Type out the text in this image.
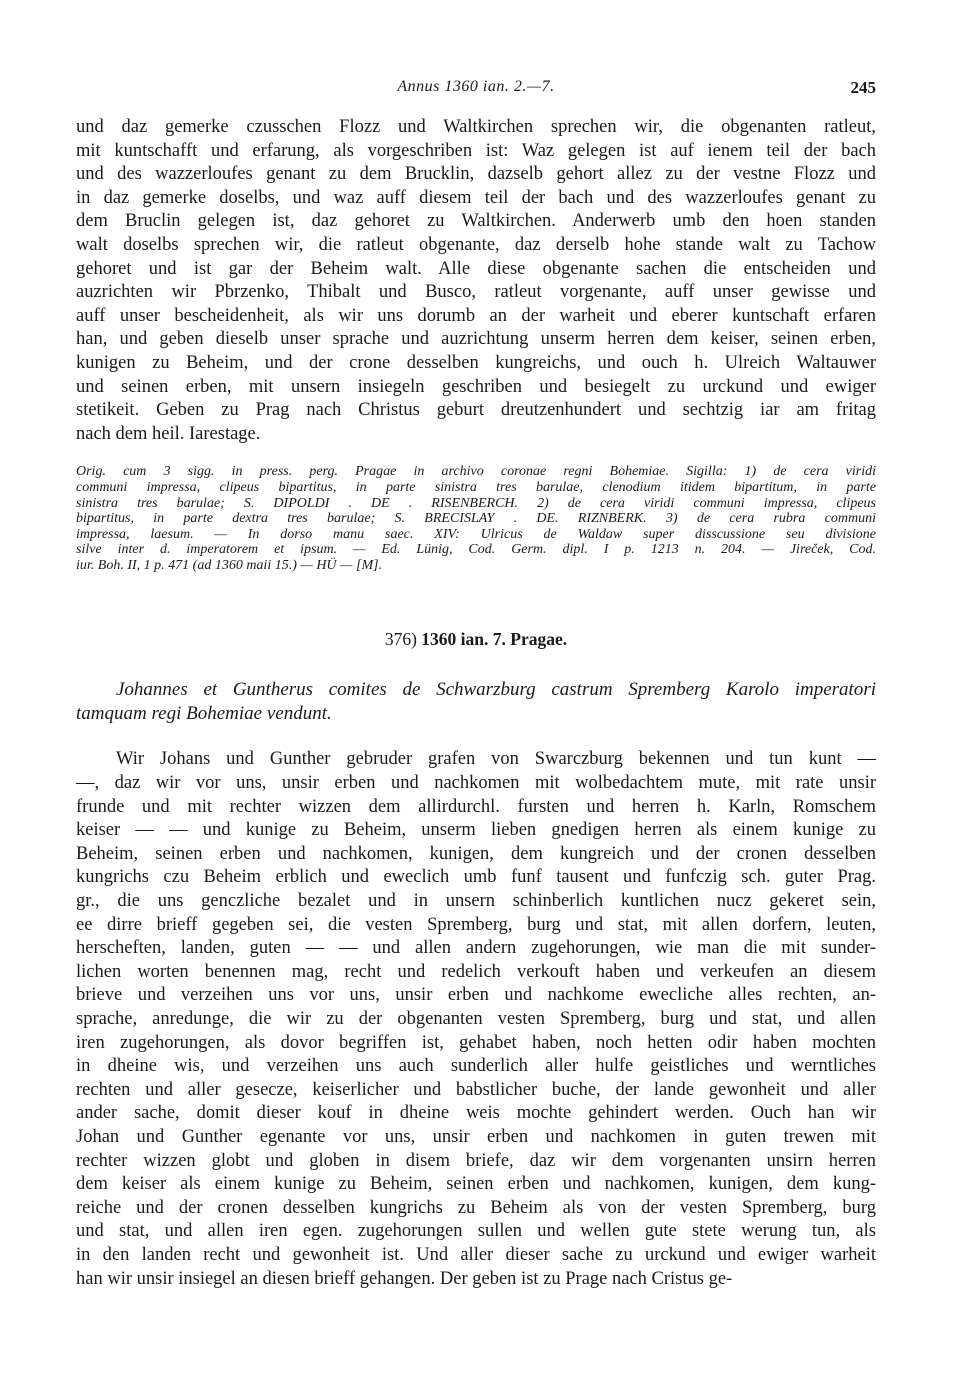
Annus 1360 ian. 2.—7.	245
und daz gemerke czusschen Flozz und Waltkirchen sprechen wir, die obgenanten ratleut,
mit kuntschafft und erfarung, als vorgeschriben ist: Waz gelegen ist auf ienem teil der bach
und des wazzerloufes genant zu dem Brucklin, dazselb gehort allez zu der vestne Flozz und
in daz gemerke doselbs, und waz auff diesem teil der bach und des wazzerloufes genant zu
dem Bruclin gelegen ist, daz gehoret zu Waltkirchen. Anderwerb umb den hoen standen
walt doselbs sprechen wir, die ratleut obgenante, daz derselb hohe stande walt zu Tachow
gehoret und ist gar der Beheim walt. Alle diese obgenante sachen die entscheiden und
auzrichten wir Pbrzenko, Thibalt und Busco, ratleut vorgenante, auff unser gewisse und
auff unser bescheidenheit, als wir uns dorumb an der warheit und eberer kuntschaft erfaren
han, und geben dieselb unser sprache und auzrichtung unserm herren dem keiser, seinen erben,
kunigen zu Beheim, und der crone desselben kungreichs, und ouch h. Ulreich Waltauwer
und seinen erben, mit unsern insiegeln geschriben und besiegelt zu urckund und ewiger
stetikeit. Geben zu Prag nach Christus geburt dreutzenhundert und sechtzig iar am fritag
nach dem heil. Iarestage.
Orig. cum 3 sigg. in press. perg. Pragae in archivo coronae regni Bohemiae. Sigilla: 1) de cera viridi
communi impressa, clipeus bipartitus, in parte sinistra tres barulae, clenodium itidem bipartitum, in parte
sinistra tres barulae; S. DIPOLDI . DE . RISENBERCH. 2) de cera viridi communi impressa, clipeus
bipartitus, in parte dextra tres barulae; S. BRECISLAY . DE. RIZNBERK. 3) de cera rubra communi
impressa, laesum. — In dorso manu saec. XIV: Ulricus de Waldaw super disscussione seu divisione
silve inter d. imperatorem et ipsum. — Ed. Lünig, Cod. Germ. dipl. I p. 1213 n. 204. — Jireček, Cod.
iur. Boh. II, 1 p. 471 (ad 1360 maii 15.) — HÜ — [M].
376) 1360 ian. 7. Pragae.
Johannes et Guntherus comites de Schwarzburg castrum Spremberg Karolo imperatori
tamquam regi Bohemiae vendunt.
Wir Johans und Gunther gebruder grafen von Swarczburg bekennen und tun kunt —
—, daz wir vor uns, unsir erben und nachkomen mit wolbedachtem mute, mit rate unsir
frunde und mit rechter wizzen dem allirdurchl. fursten und herren h. Karln, Romschem
keiser — — und kunige zu Beheim, unserm lieben gnedigen herren als einem kunige zu
Beheim, seinen erben und nachkomen, kunigen, dem kungreich und der cronen desselben
kungrichs czu Beheim erblich und eweclich umb funf tausent und funfczig sch. guter Prag.
gr., die uns genczliche bezalet und in unsern schinberlich kuntlichen nucz gekeret sein,
ee dirre brieff gegeben sei, die vesten Spremberg, burg und stat, mit allen dorfern, leuten,
herscheften, landen, guten — — und allen andern zugehorungen, wie man die mit sunder-
lichen worten benennen mag, recht und redelich verkouft haben und verkeufen an diesem
brieve und verzeihen uns vor uns, unsir erben und nachkome ewecliche alles rechten, an-
sprache, anredunge, die wir zu der obgenanten vesten Spremberg, burg und stat, und allen
iren zugehorungen, als dovor begriffen ist, gehabet haben, noch hetten odir haben mochten
in dheine wis, und verzeihen uns auch sunderlich aller hulfe geistliches und werntliches
rechten und aller gesecze, keiserlicher und babstlicher buche, der lande gewonheit und aller
ander sache, domit dieser kouf in dheine weis mochte gehindert werden. Ouch han wir
Johan und Gunther egenante vor uns, unsir erben und nachkomen in guten trewen mit
rechter wizzen globt und globen in disem briefe, daz wir dem vorgenanten unsirn herren
dem keiser als einem kunige zu Beheim, seinen erben und nachkomen, kunigen, dem kung-
reiche und der cronen desselben kungrichs zu Beheim als von der vesten Spremberg, burg
und stat, und allen iren egen. zugehorungen sullen und wellen gute stete werung tun, als
in den landen recht und gewonheit ist. Und aller dieser sache zu urckund und ewiger warheit
han wir unsir insiegel an diesen brieff gehangen. Der geben ist zu Prage nach Cristus ge-
